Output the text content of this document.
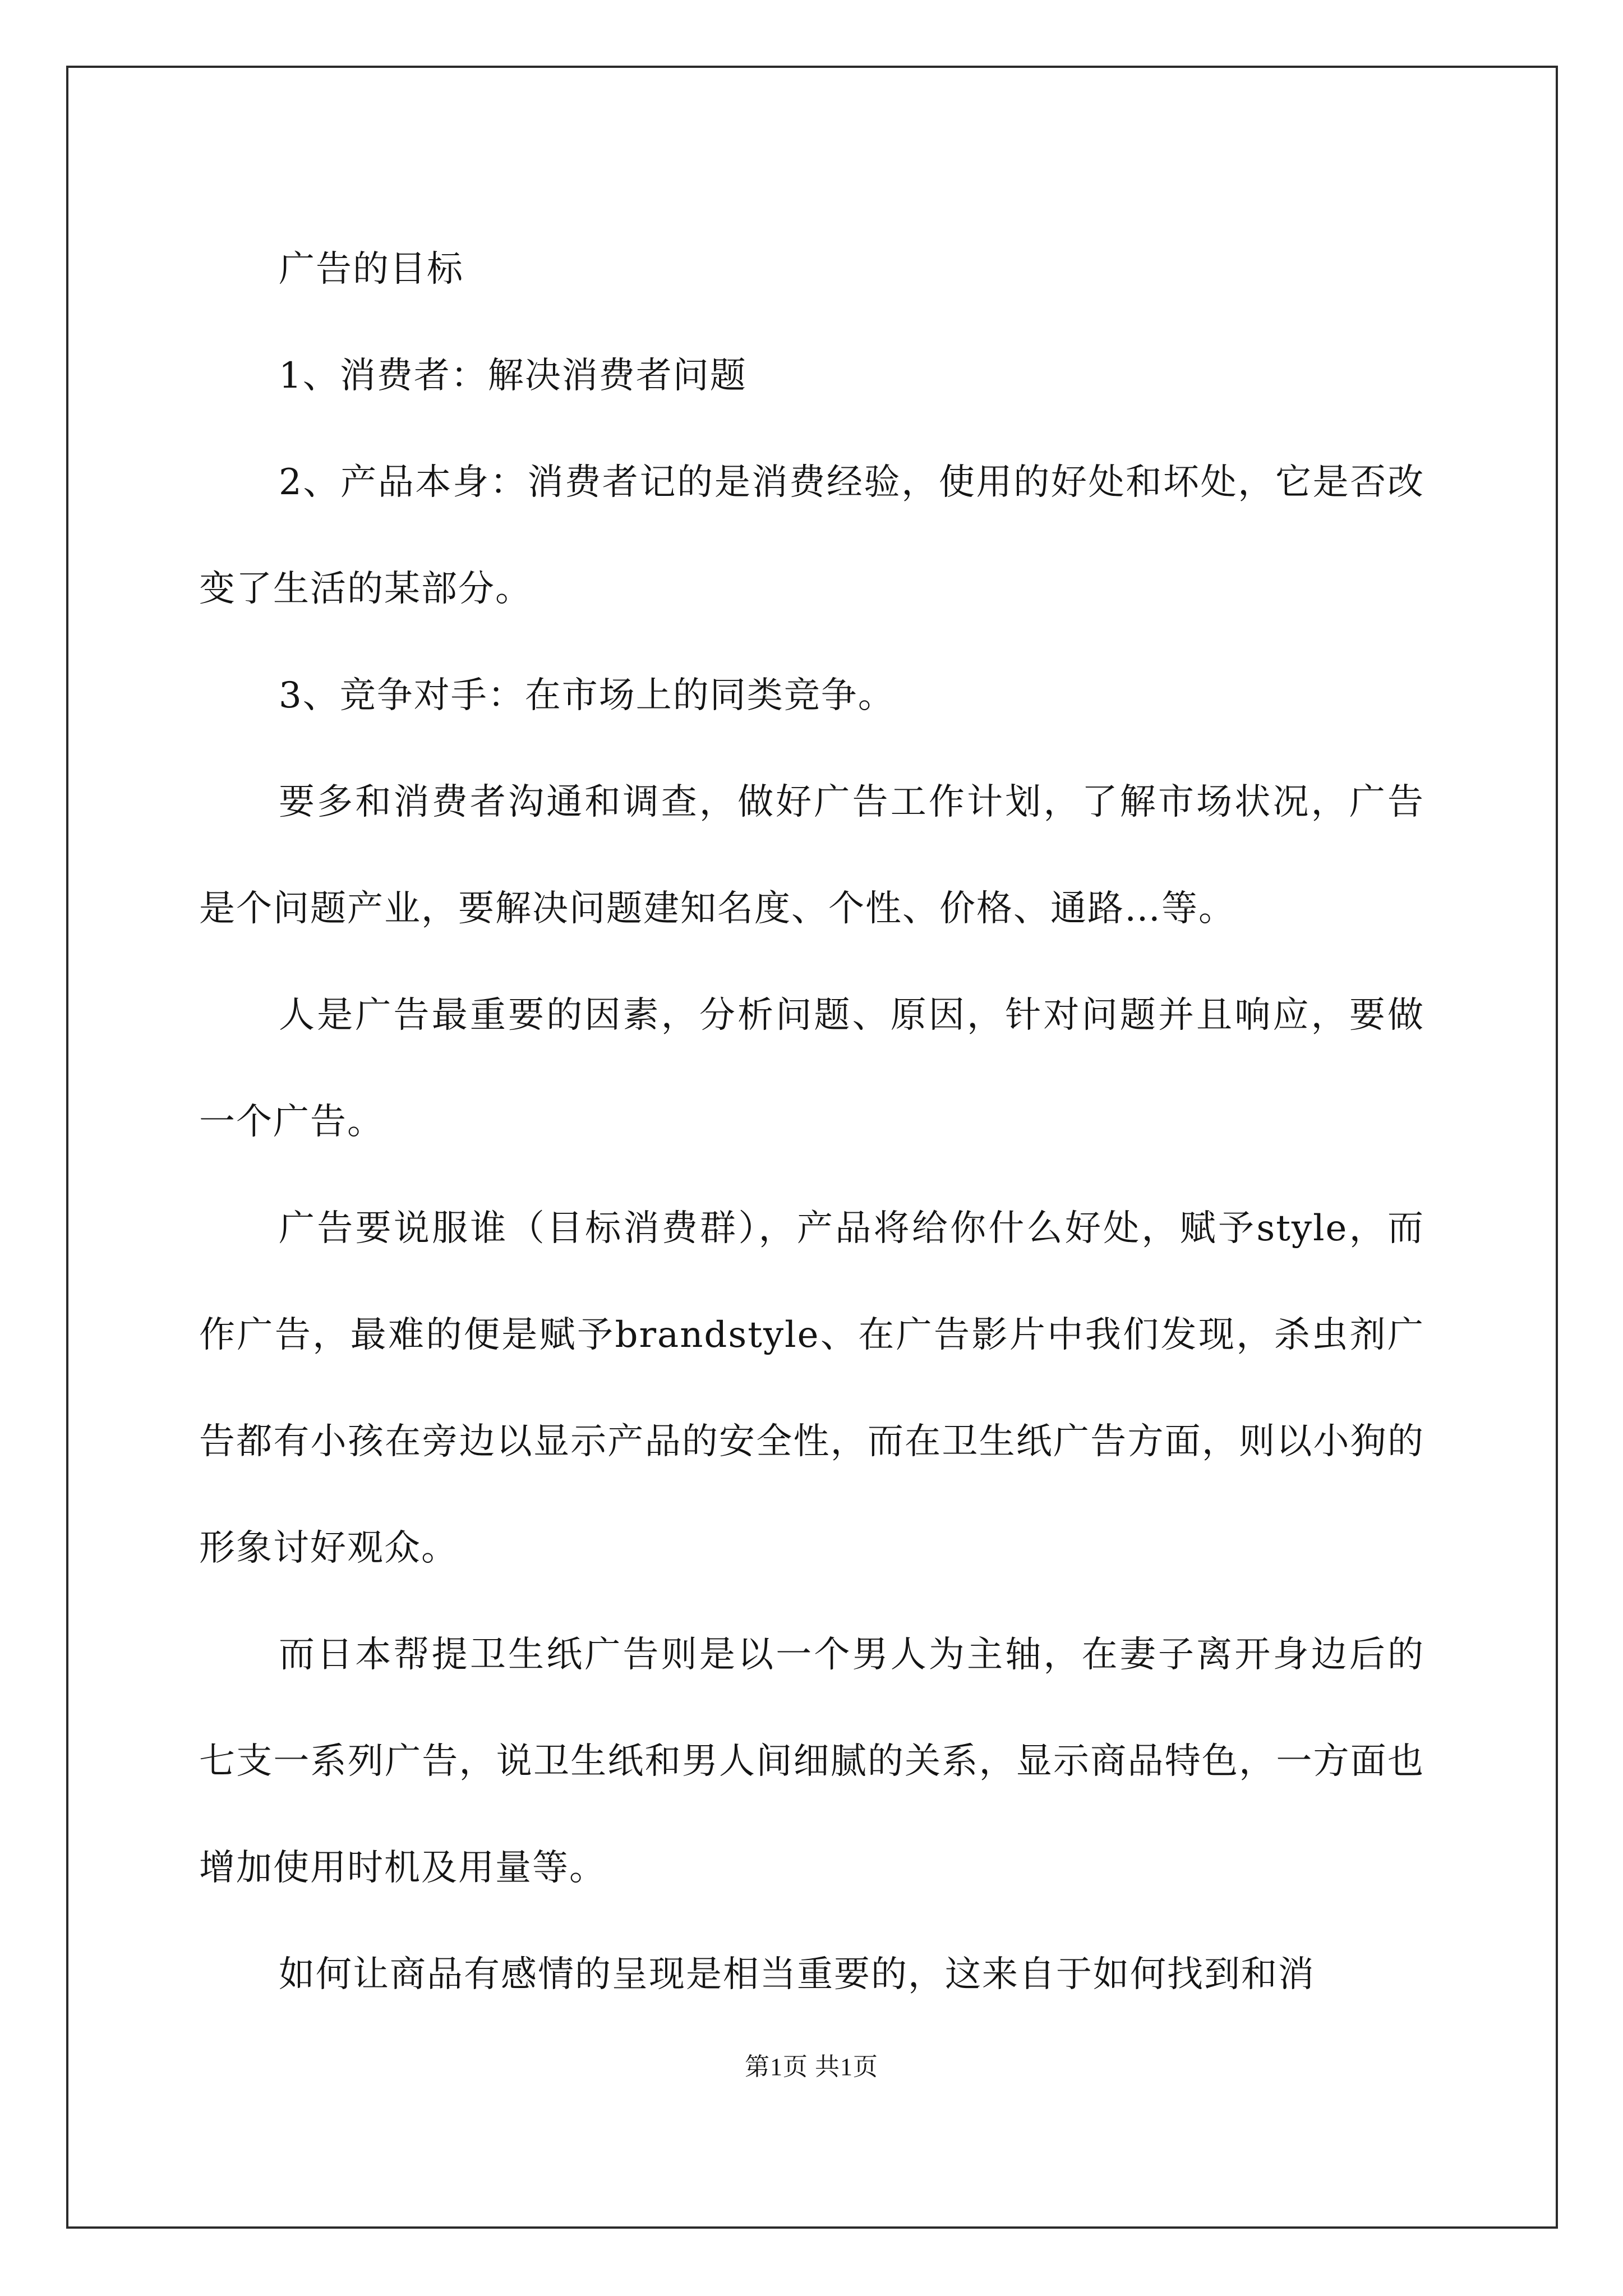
广告的目标

1、消费者：解决消费者问题

2、产品本身：消费者记的是消费经验，使用的好处和坏处，它是否改变了生活的某部分。

3、竞争对手：在市场上的同类竞争。

要多和消费者沟通和调查，做好广告工作计划，了解市场状况，广告是个问题产业，要解决问题建知名度、个性、价格、通路…等。

人是广告最重要的因素，分析问题、原因，针对问题并且响应，要做一个广告。

广告要说服谁（目标消费群），产品将给你什么好处，赋予style，而作广告，最难的便是赋予brandstyle、在广告影片中我们发现，杀虫剂广告都有小孩在旁边以显示产品的安全性，而在卫生纸广告方面，则以小狗的形象讨好观众。

而日本帮提卫生纸广告则是以一个男人为主轴，在妻子离开身边后的七支一系列广告，说卫生纸和男人间细腻的关系，显示商品特色，一方面也增加使用时机及用量等。

如何让商品有感情的呈现是相当重要的，这来自于如何找到和消

第1页 共1页
